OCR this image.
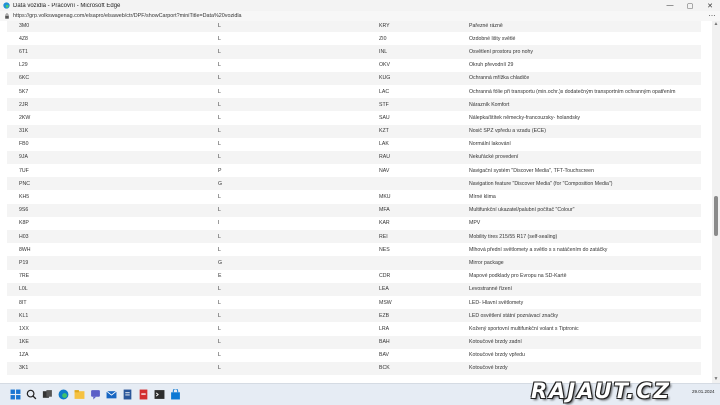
Data vozidla - Pracovní - Microsoft Edge	—	▢	✕
https://grp.volkswagenag.com/elsapro/elsaweb/ctr/DPF/showCarport?miniTitle=Data%20vozidla	⋯
3M0	L	KRY	Pařezné rázně
4Z8	L	ZI0	Ozdobné lišty světlé
6T1	L	INL	Osvětlení prostoru pro nohy
L29	L	OKV	Okruh převodníí 29
6KC	L	KUG	Ochranná mřížka chladiče
5K7	L	LAC	Ochranná fólie při transportu (min.ochr.)s dodatečným transportním ochranným opatřením
2JR	L	STF	Nárazník Komfort
2KW	L	SAU	Nálepka/štítek německy-francouzsky- holandsky
31K	L	KZT	Nosič SPZ vpředu a vzadu (ECE)
FB0	L	LAK	Normální lakování
9JA	L	RAU	Nekuřácké provedení
7UF	P	NAV	Navigační systém "Discover Media", TFT-Touchscreen
PNC	G		Navigation feature "Discover Media" (for "Composition Media")
KH5	L	MKU	Mírné klima
9S6	L	MFA	Multifunkční ukazatel/palubní počítač "Colour"
K8P	I	KAR	MPV
H03	L	REI	Mobility tires 215/55 R17 (self-sealing)
8WH	L	NES	Mlhová přední světlomety a světlo s s natáčením do zatáčky
P19	G		Mirror package
7RE	E	CDR	Mapové podklady pro Evropu na SD-Kartě
L0L	L	LEA	Levostranné řízení
8IT	L	MSW	LED- Hlavní světlomety
KL1	L	EZB	LED osvětlení státní poznávací značky
1XX	L	LRA	Kožený sportovní multifunkční volant s Tiptronic
1KE	L	BAH	Kotoučové brzdy zadní
1ZA	L	BAV	Kotoučové brzdy vpředu
3K1	L	BCK	Kotoučové brzdy
▲
▼
RAJAUT.CZ	29.01.2024
